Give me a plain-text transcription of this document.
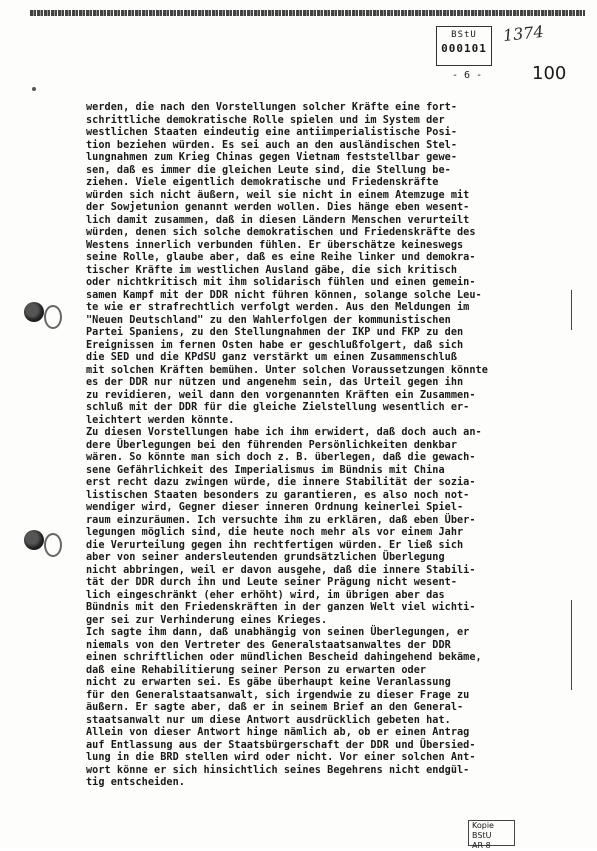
BStU
000101
1374
- 6 -	100
werden, die nach den Vorstellungen solcher Kräfte eine fort-
schrittliche demokratische Rolle spielen und im System der
westlichen Staaten eindeutig eine antiimperialistische Posi-
tion beziehen würden. Es sei auch an den ausländischen Stel-
lungnahmen zum Krieg Chinas gegen Vietnam feststellbar gewe-
sen, daß es immer die gleichen Leute sind, die Stellung be-
ziehen. Viele eigentlich demokratische und Friedenskräfte
würden sich nicht äußern, weil sie nicht in einem Atemzuge mit
der Sowjetunion genannt werden wollen. Dies hänge eben wesent-
lich damit zusammen, daß in diesen Ländern Menschen verurteilt
würden, denen sich solche demokratischen und Friedenskräfte des
Westens innerlich verbunden fühlen. Er überschätze keineswegs
seine Rolle, glaube aber, daß es eine Reihe linker und demokra-
tischer Kräfte im westlichen Ausland gäbe, die sich kritisch
oder nichtkritisch mit ihm solidarisch fühlen und einen gemein-
samen Kampf mit der DDR nicht führen können, solange solche Leu-
te wie er strafrechtlich verfolgt werden. Aus den Meldungen im
"Neuen Deutschland" zu den Wahlerfolgen der kommunistischen
Partei Spaniens, zu den Stellungnahmen der IKP und FKP zu den
Ereignissen im fernen Osten habe er geschlußfolgert, daß sich
die SED und die KPdSU ganz verstärkt um einen Zusammenschluß
mit solchen Kräften bemühen. Unter solchen Voraussetzungen könnte
es der DDR nur nützen und angenehm sein, das Urteil gegen ihn
zu revidieren, weil dann den vorgenannten Kräften ein Zusammen-
schluß mit der DDR für die gleiche Zielstellung wesentlich er-
leichtert werden könnte.
Zu diesen Vorstellungen habe ich ihm erwidert, daß doch auch an-
dere Überlegungen bei den führenden Persönlichkeiten denkbar
wären. So könnte man sich doch z. B. überlegen, daß die gewach-
sene Gefährlichkeit des Imperialismus im Bündnis mit China
erst recht dazu zwingen würde, die innere Stabilität der sozia-
listischen Staaten besonders zu garantieren, es also noch not-
wendiger wird, Gegner dieser inneren Ordnung keinerlei Spiel-
raum einzuräumen. Ich versuchte ihm zu erklären, daß eben Über-
legungen möglich sind, die heute noch mehr als vor einem Jahr
die Verurteilung gegen ihn rechtfertigen würden. Er ließ sich
aber von seiner andersleutenden grundsätzlichen Überlegung
nicht abbringen, weil er davon ausgehe, daß die innere Stabili-
tät der DDR durch ihn und Leute seiner Prägung nicht wesent-
lich eingeschränkt (eher erhöht) wird, im übrigen aber das
Bündnis mit den Friedenskräften in der ganzen Welt viel wichti-
ger sei zur Verhinderung eines Krieges.
Ich sagte ihm dann, daß unabhängig von seinen Überlegungen, er
niemals von den Vertreter des Generalstaatsanwaltes der DDR
einen schriftlichen oder mündlichen Bescheid dahingehend bekäme,
daß eine Rehabilitierung seiner Person zu erwarten oder
nicht zu erwarten sei. Es gäbe überhaupt keine Veranlassung
für den Generalstaatsanwalt, sich irgendwie zu dieser Frage zu
äußern. Er sagte aber, daß er in seinem Brief an den General-
staatsanwalt nur um diese Antwort ausdrücklich gebeten hat.
Allein von dieser Antwort hinge nämlich ab, ob er einen Antrag
auf Entlassung aus der Staatsbürgerschaft der DDR und Übersied-
lung in die BRD stellen wird oder nicht. Vor einer solchen Ant-
wort könne er sich hinsichtlich seines Begehrens nicht endgül-
tig entscheiden.
Kopie BStU
AR 8
